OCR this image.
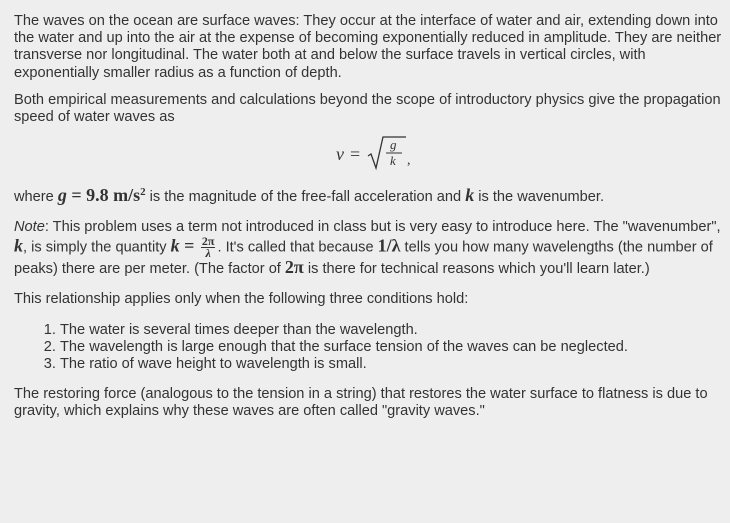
The waves on the ocean are surface waves: They occur at the interface of water and air, extending down into the water and up into the air at the expense of becoming exponentially reduced in amplitude. They are neither transverse nor longitudinal. The water both at and below the surface travels in vertical circles, with exponentially smaller radius as a function of depth.

Both empirical measurements and calculations beyond the scope of introductory physics give the propagation speed of water waves as

v = g
k ,

where g = 9.8 $m/s^2$ is the magnitude of the free-fall acceleration and k is the wavenumber.

Note: This problem uses a term not introduced in class but is very easy to introduce here. The "wavenumber", k, is simply the quantity $k = \frac{2\pi}{\lambda}$ . It's called that because 1/λ tells you how many wavelengths (the number of peaks) there are per meter. (The factor of 2π is there for technical reasons which you'll learn later.)

This relationship applies only when the following three conditions hold:

1. The water is several times deeper than the wavelength.
2. The wavelength is large enough that the surface tension of the waves can be neglected.
3. The ratio of wave height to wavelength is small.

The restoring force (analogous to the tension in a string) that restores the water surface to flatness is due to gravity, which explains why these waves are often called "gravity waves."
